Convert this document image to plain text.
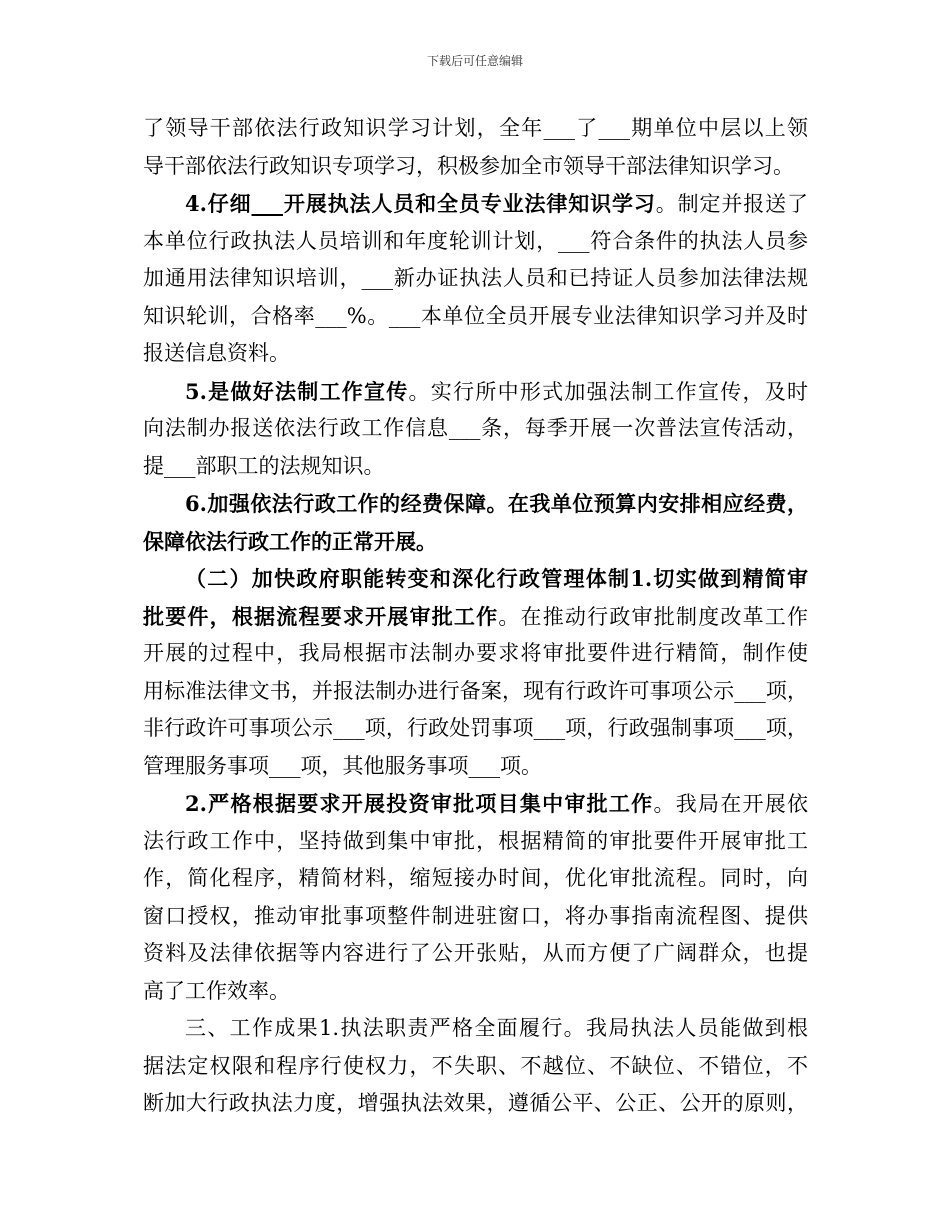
下载后可任意编辑
了领导干部依法行政知识学习计划，全年___了___期单位中层以上领
导干部依法行政知识专项学习，积极参加全市领导干部法律知识学习。
4.仔细___开展执法人员和全员专业法律知识学习。制定并报送了
本单位行政执法人员培训和年度轮训计划，___符合条件的执法人员参
加通用法律知识培训，___新办证执法人员和已持证人员参加法律法规
知识轮训，合格率___%。___本单位全员开展专业法律知识学习并及时
报送信息资料。
5.是做好法制工作宣传。实行所中形式加强法制工作宣传，及时
向法制办报送依法行政工作信息___条，每季开展一次普法宣传活动，
提___部职工的法规知识。
6.加强依法行政工作的经费保障。在我单位预算内安排相应经费，
保障依法行政工作的正常开展。
（二）加快政府职能转变和深化行政管理体制1.切实做到精简审
批要件，根据流程要求开展审批工作。在推动行政审批制度改革工作
开展的过程中，我局根据市法制办要求将审批要件进行精简，制作使
用标准法律文书，并报法制办进行备案，现有行政许可事项公示___项，
非行政许可事项公示___项，行政处罚事项___项，行政强制事项___项，
管理服务事项___项，其他服务事项___项。
2.严格根据要求开展投资审批项目集中审批工作。我局在开展依
法行政工作中，坚持做到集中审批，根据精简的审批要件开展审批工
作，简化程序，精简材料，缩短接办时间，优化审批流程。同时，向
窗口授权，推动审批事项整件制进驻窗口，将办事指南流程图、提供
资料及法律依据等内容进行了公开张贴，从而方便了广阔群众，也提
高了工作效率。
三、工作成果1.执法职责严格全面履行。我局执法人员能做到根
据法定权限和程序行使权力，不失职、不越位、不缺位、不错位，不
断加大行政执法力度，增强执法效果，遵循公平、公正、公开的原则，
